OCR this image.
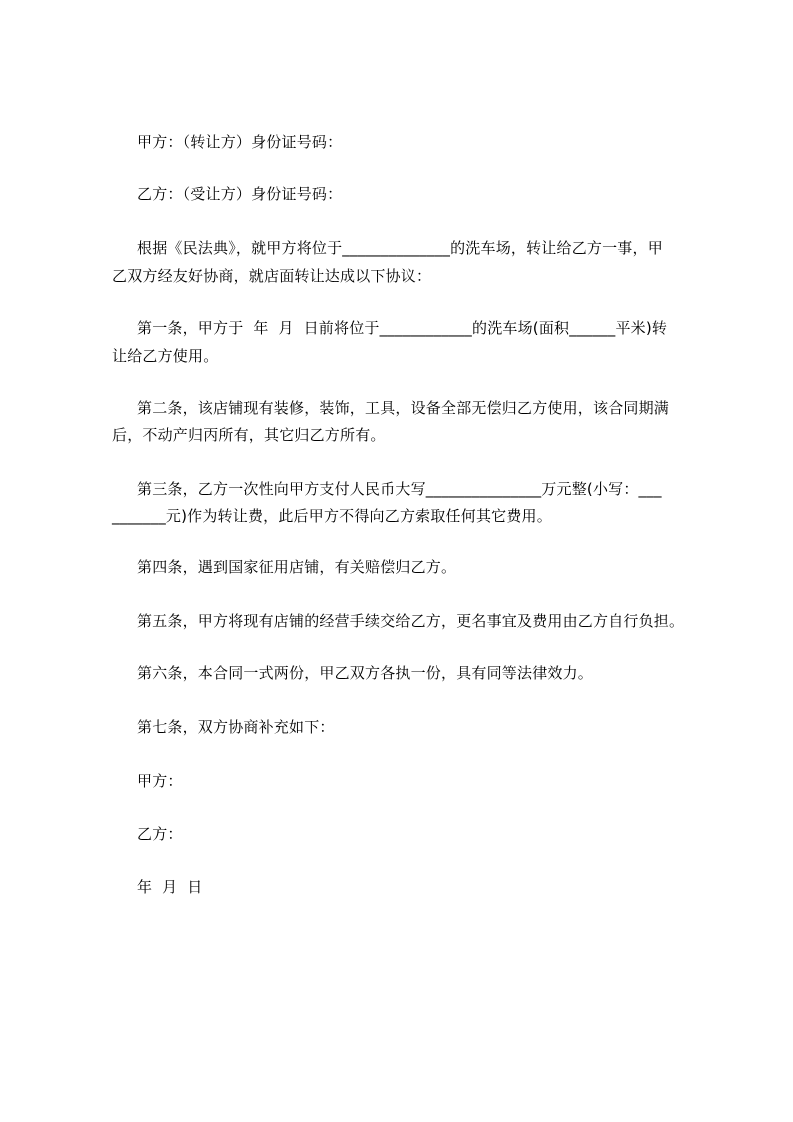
甲方：（转让方）身份证号码：
乙方：（受让方）身份证号码：
根据《民法典》，就甲方将位于______________的洗车场，转让给乙方一事，甲
乙双方经友好协商，就店面转让达成以下协议：
第一条，甲方于  年  月  日前将位于____________的洗车场(面积______平米)转
让给乙方使用。
第二条，该店铺现有装修，装饰，工具，设备全部无偿归乙方使用，该合同期满
后，不动产归丙所有，其它归乙方所有。
第三条，乙方一次性向甲方支付人民币大写_______________万元整(小写：___
_______元)作为转让费，此后甲方不得向乙方索取任何其它费用。
第四条，遇到国家征用店铺，有关赔偿归乙方。
第五条，甲方将现有店铺的经营手续交给乙方，更名事宜及费用由乙方自行负担。
第六条，本合同一式两份，甲乙双方各执一份，具有同等法律效力。
第七条，双方协商补充如下：
甲方：
乙方：
年  月  日
